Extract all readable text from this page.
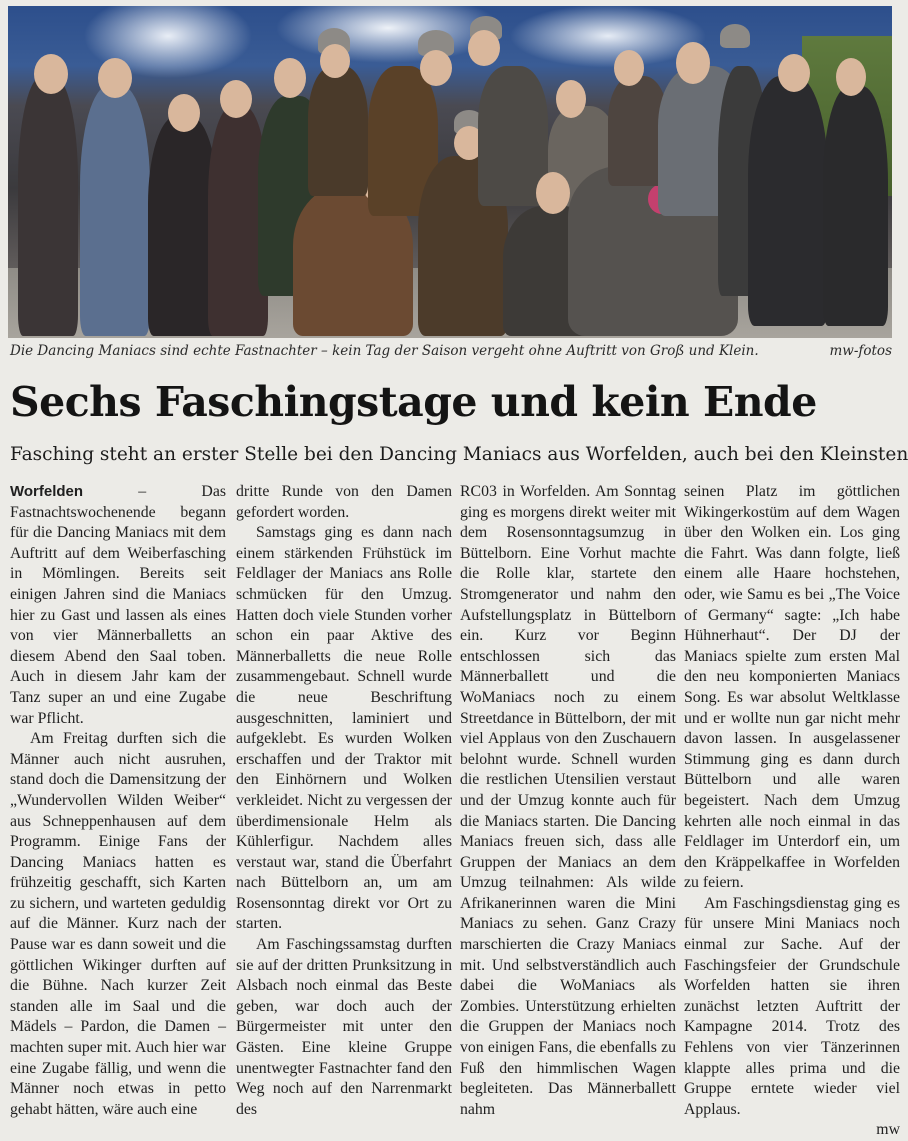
Die Dancing Maniacs sind echte Fastnachter – kein Tag der Saison vergeht ohne Auftritt von Groß und Klein.	mw-fotos
Sechs Faschingstage und kein Ende
Fasching steht an erster Stelle bei den Dancing Maniacs aus Worfelden, auch bei den Kleinsten

Worfelden – Das Fastnachtswochenende begann für die Dancing Maniacs mit dem Auftritt auf dem Weiberfasching in Mömlingen. Bereits seit einigen Jahren sind die Maniacs hier zu Gast und lassen als eines von vier Männerballetts an diesem Abend den Saal toben. Auch in diesem Jahr kam der Tanz super an und eine Zugabe war Pflicht.

Am Freitag durften sich die Männer auch nicht ausruhen, stand doch die Damensitzung der „Wundervollen Wilden Weiber“ aus Schneppenhausen auf dem Programm. Einige Fans der Dancing Maniacs hatten es frühzeitig geschafft, sich Karten zu sichern, und warteten geduldig auf die Männer. Kurz nach der Pause war es dann soweit und die göttlichen Wikinger durften auf die Bühne. Nach kurzer Zeit standen alle im Saal und die Mädels – Pardon, die Damen – machten super mit. Auch hier war eine Zugabe fällig, und wenn die Männer noch etwas in petto gehabt hätten, wäre auch eine

dritte Runde von den Damen gefordert worden.

Samstags ging es dann nach einem stärkenden Frühstück im Feldlager der Maniacs ans Rolle schmücken für den Umzug. Hatten doch viele Stunden vorher schon ein paar Aktive des Männerballetts die neue Rolle zusammengebaut. Schnell wurde die neue Beschriftung ausgeschnitten, laminiert und aufgeklebt. Es wurden Wolken erschaffen und der Traktor mit den Einhörnern und Wolken verkleidet. Nicht zu vergessen der überdimensionale Helm als Kühlerfigur. Nachdem alles verstaut war, stand die Überfahrt nach Büttelborn an, um am Rosensonntag direkt vor Ort zu starten.

Am Faschingssamstag durften sie auf der dritten Prunksitzung in Alsbach noch einmal das Beste geben, war doch auch der Bürgermeister mit unter den Gästen. Eine kleine Gruppe unentwegter Fastnachter fand den Weg noch auf den Narrenmarkt des

RC03 in Worfelden. Am Sonntag ging es morgens direkt weiter mit dem Rosensonntagsumzug in Büttelborn. Eine Vorhut machte die Rolle klar, startete den Stromgenerator und nahm den Aufstellungsplatz in Büttelborn ein. Kurz vor Beginn entschlossen sich das Männerballett und die WoManiacs noch zu einem Streetdance in Büttelborn, der mit viel Applaus von den Zuschauern belohnt wurde. Schnell wurden die restlichen Utensilien verstaut und der Umzug konnte auch für die Maniacs starten. Die Dancing Maniacs freuen sich, dass alle Gruppen der Maniacs an dem Umzug teilnahmen: Als wilde Afrikanerinnen waren die Mini Maniacs zu sehen. Ganz Crazy marschierten die Crazy Maniacs mit. Und selbstverständlich auch dabei die WoManiacs als Zombies. Unterstützung erhielten die Gruppen der Maniacs noch von einigen Fans, die ebenfalls zu Fuß den himmlischen Wagen begleiteten. Das Männerballett nahm

seinen Platz im göttlichen Wikingerkostüm auf dem Wagen über den Wolken ein. Los ging die Fahrt. Was dann folgte, ließ einem alle Haare hochstehen, oder, wie Samu es bei „The Voice of Germany“ sagte: „Ich habe Hühnerhaut“. Der DJ der Maniacs spielte zum ersten Mal den neu komponierten Maniacs Song. Es war absolut Weltklasse und er wollte nun gar nicht mehr davon lassen. In ausgelassener Stimmung ging es dann durch Büttelborn und alle waren begeistert. Nach dem Umzug kehrten alle noch einmal in das Feldlager im Unterdorf ein, um den Kräppelkaffee in Worfelden zu feiern.

Am Faschingsdienstag ging es für unsere Mini Maniacs noch einmal zur Sache. Auf der Faschingsfeier der Grundschule Worfelden hatten sie ihren zunächst letzten Auftritt der Kampagne 2014. Trotz des Fehlens von vier Tänzerinnen klappte alles prima und die Gruppe erntete wieder viel Applaus.

mw
